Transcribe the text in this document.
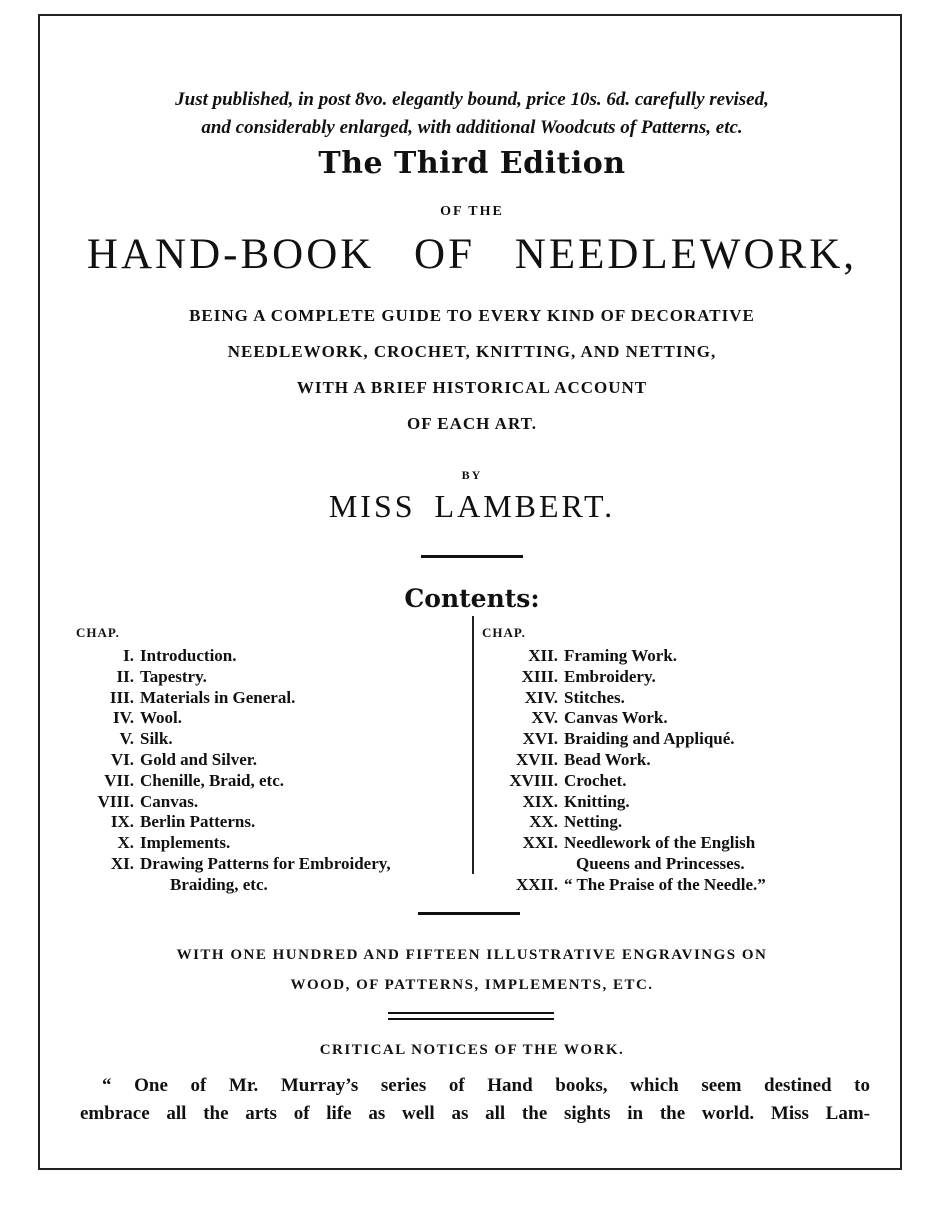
Just published, in post 8vo. elegantly bound, price 10s. 6d. carefully revised,
and considerably enlarged, with additional Woodcuts of Patterns, etc.
The Third Edition
OF THE
HAND-BOOK OF NEEDLEWORK,
BEING A COMPLETE GUIDE TO EVERY KIND OF DECORATIVE
NEEDLEWORK, CROCHET, KNITTING, AND NETTING,
WITH A BRIEF HISTORICAL ACCOUNT
OF EACH ART.
BY
MISS LAMBERT.
Contents:
CHAP.
I. Introduction.
II. Tapestry.
III. Materials in General.
IV. Wool.
V. Silk.
VI. Gold and Silver.
VII. Chenille, Braid, etc.
VIII. Canvas.
IX. Berlin Patterns.
X. Implements.
XI. Drawing Patterns for Embroidery,
Braiding, etc.
CHAP.
XII. Framing Work.
XIII. Embroidery.
XIV. Stitches.
XV. Canvas Work.
XVI. Braiding and Appliqué.
XVII. Bead Work.
XVIII. Crochet.
XIX. Knitting.
XX. Netting.
XXI. Needlework of the English
Queens and Princesses.
XXII. “ The Praise of the Needle.”
WITH ONE HUNDRED AND FIFTEEN ILLUSTRATIVE ENGRAVINGS ON
WOOD, OF PATTERNS, IMPLEMENTS, ETC.
CRITICAL NOTICES OF THE WORK.
“ One of Mr. Murray’s series of Hand books, which seem destined to
embrace all the arts of life as well as all the sights in the world. Miss Lam-
